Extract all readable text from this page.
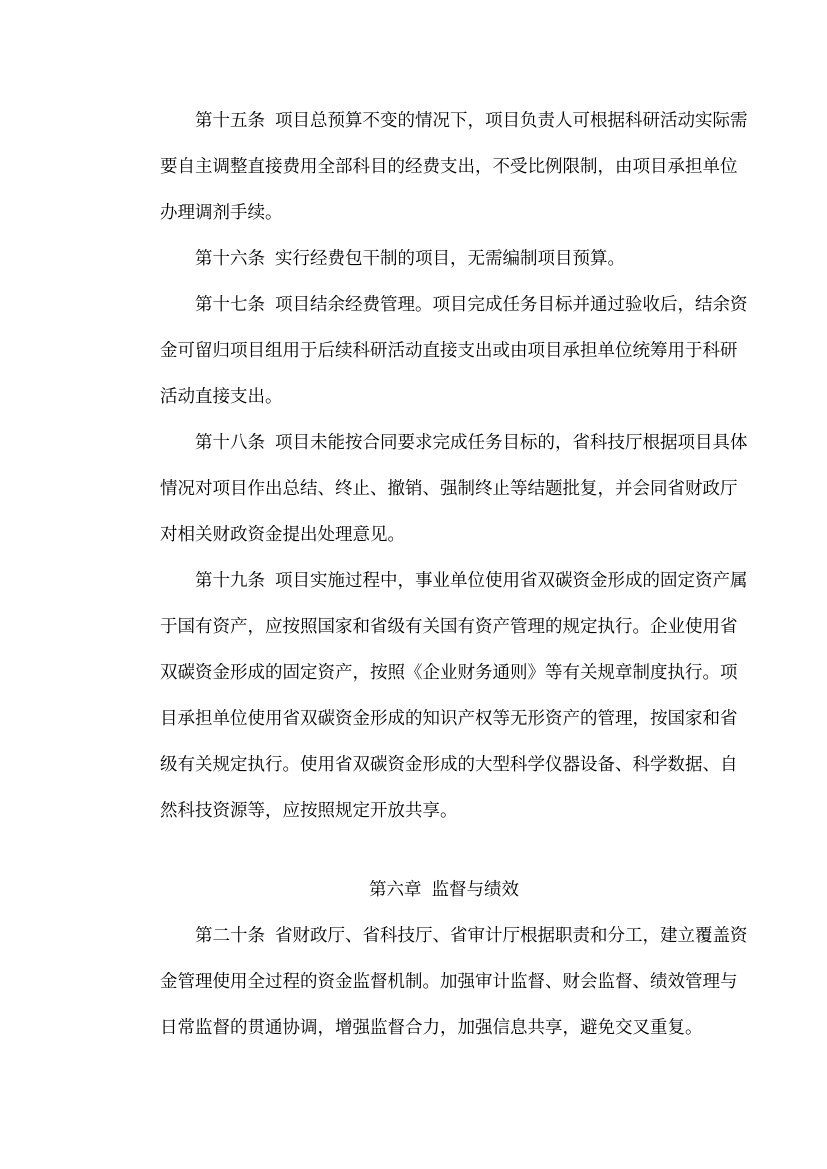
第十五条 项目总预算不变的情况下，项目负责人可根据科研活动实际需
要自主调整直接费用全部科目的经费支出，不受比例限制，由项目承担单位
办理调剂手续。
第十六条 实行经费包干制的项目，无需编制项目预算。
第十七条 项目结余经费管理。项目完成任务目标并通过验收后，结余资
金可留归项目组用于后续科研活动直接支出或由项目承担单位统筹用于科研
活动直接支出。
第十八条 项目未能按合同要求完成任务目标的，省科技厅根据项目具体
情况对项目作出总结、终止、撤销、强制终止等结题批复，并会同省财政厅
对相关财政资金提出处理意见。
第十九条 项目实施过程中，事业单位使用省双碳资金形成的固定资产属
于国有资产，应按照国家和省级有关国有资产管理的规定执行。企业使用省
双碳资金形成的固定资产，按照《企业财务通则》等有关规章制度执行。项
目承担单位使用省双碳资金形成的知识产权等无形资产的管理，按国家和省
级有关规定执行。使用省双碳资金形成的大型科学仪器设备、科学数据、自
然科技资源等，应按照规定开放共享。
第六章 监督与绩效
第二十条 省财政厅、省科技厅、省审计厅根据职责和分工，建立覆盖资
金管理使用全过程的资金监督机制。加强审计监督、财会监督、绩效管理与
日常监督的贯通协调，增强监督合力，加强信息共享，避免交叉重复。
